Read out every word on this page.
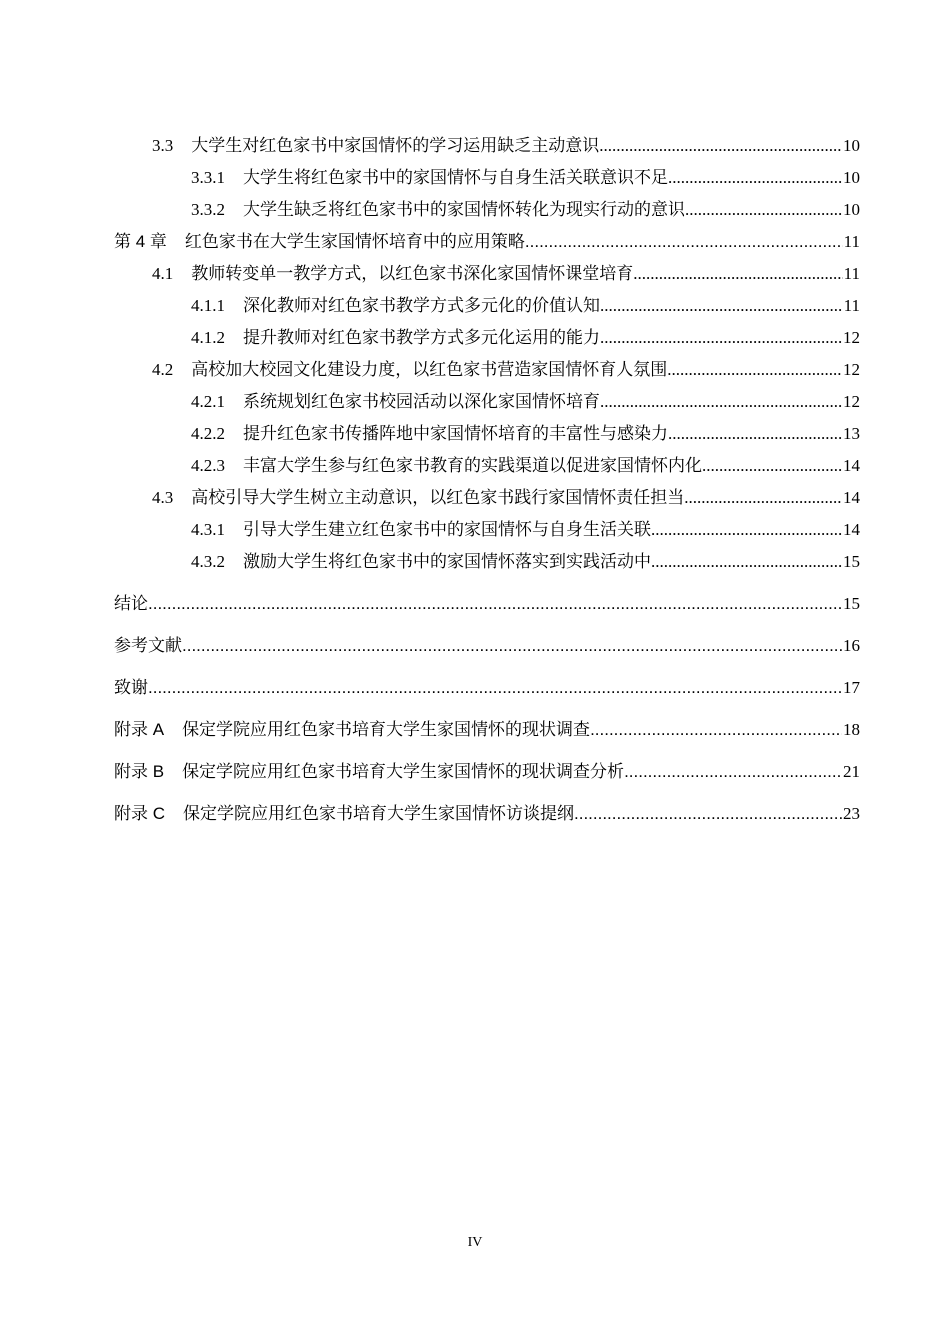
3.3 大学生对红色家书中家国情怀的学习运用缺乏主动意识 .....	10
3.3.1 大学生将红色家书中的家国情怀与自身生活关联意识不足 .....	10
3.3.2 大学生缺乏将红色家书中的家国情怀转化为现实行动的意识 .....	10
第 4 章 红色家书在大学生家国情怀培育中的应用策略 .....	11
4.1 教师转变单一教学方式，以红色家书深化家国情怀课堂培育 .....	11
4.1.1 深化教师对红色家书教学方式多元化的价值认知 .....	11
4.1.2 提升教师对红色家书教学方式多元化运用的能力 .....	12
4.2 高校加大校园文化建设力度，以红色家书营造家国情怀育人氛围 .....	12
4.2.1 系统规划红色家书校园活动以深化家国情怀培育 .....	12
4.2.2 提升红色家书传播阵地中家国情怀培育的丰富性与感染力 .....	13
4.2.3 丰富大学生参与红色家书教育的实践渠道以促进家国情怀内化 .....	14
4.3 高校引导大学生树立主动意识，以红色家书践行家国情怀责任担当 .....	14
4.3.1 引导大学生建立红色家书中的家国情怀与自身生活关联 .....	14
4.3.2 激励大学生将红色家书中的家国情怀落实到实践活动中 .....	15
结论 .....	15
参考文献 .....	16
致谢 .....	17
附录 A 保定学院应用红色家书培育大学生家国情怀的现状调查 .....	18
附录 B 保定学院应用红色家书培育大学生家国情怀的现状调查分析 .....	21
附录 C 保定学院应用红色家书培育大学生家国情怀访谈提纲 .....	23
IV
